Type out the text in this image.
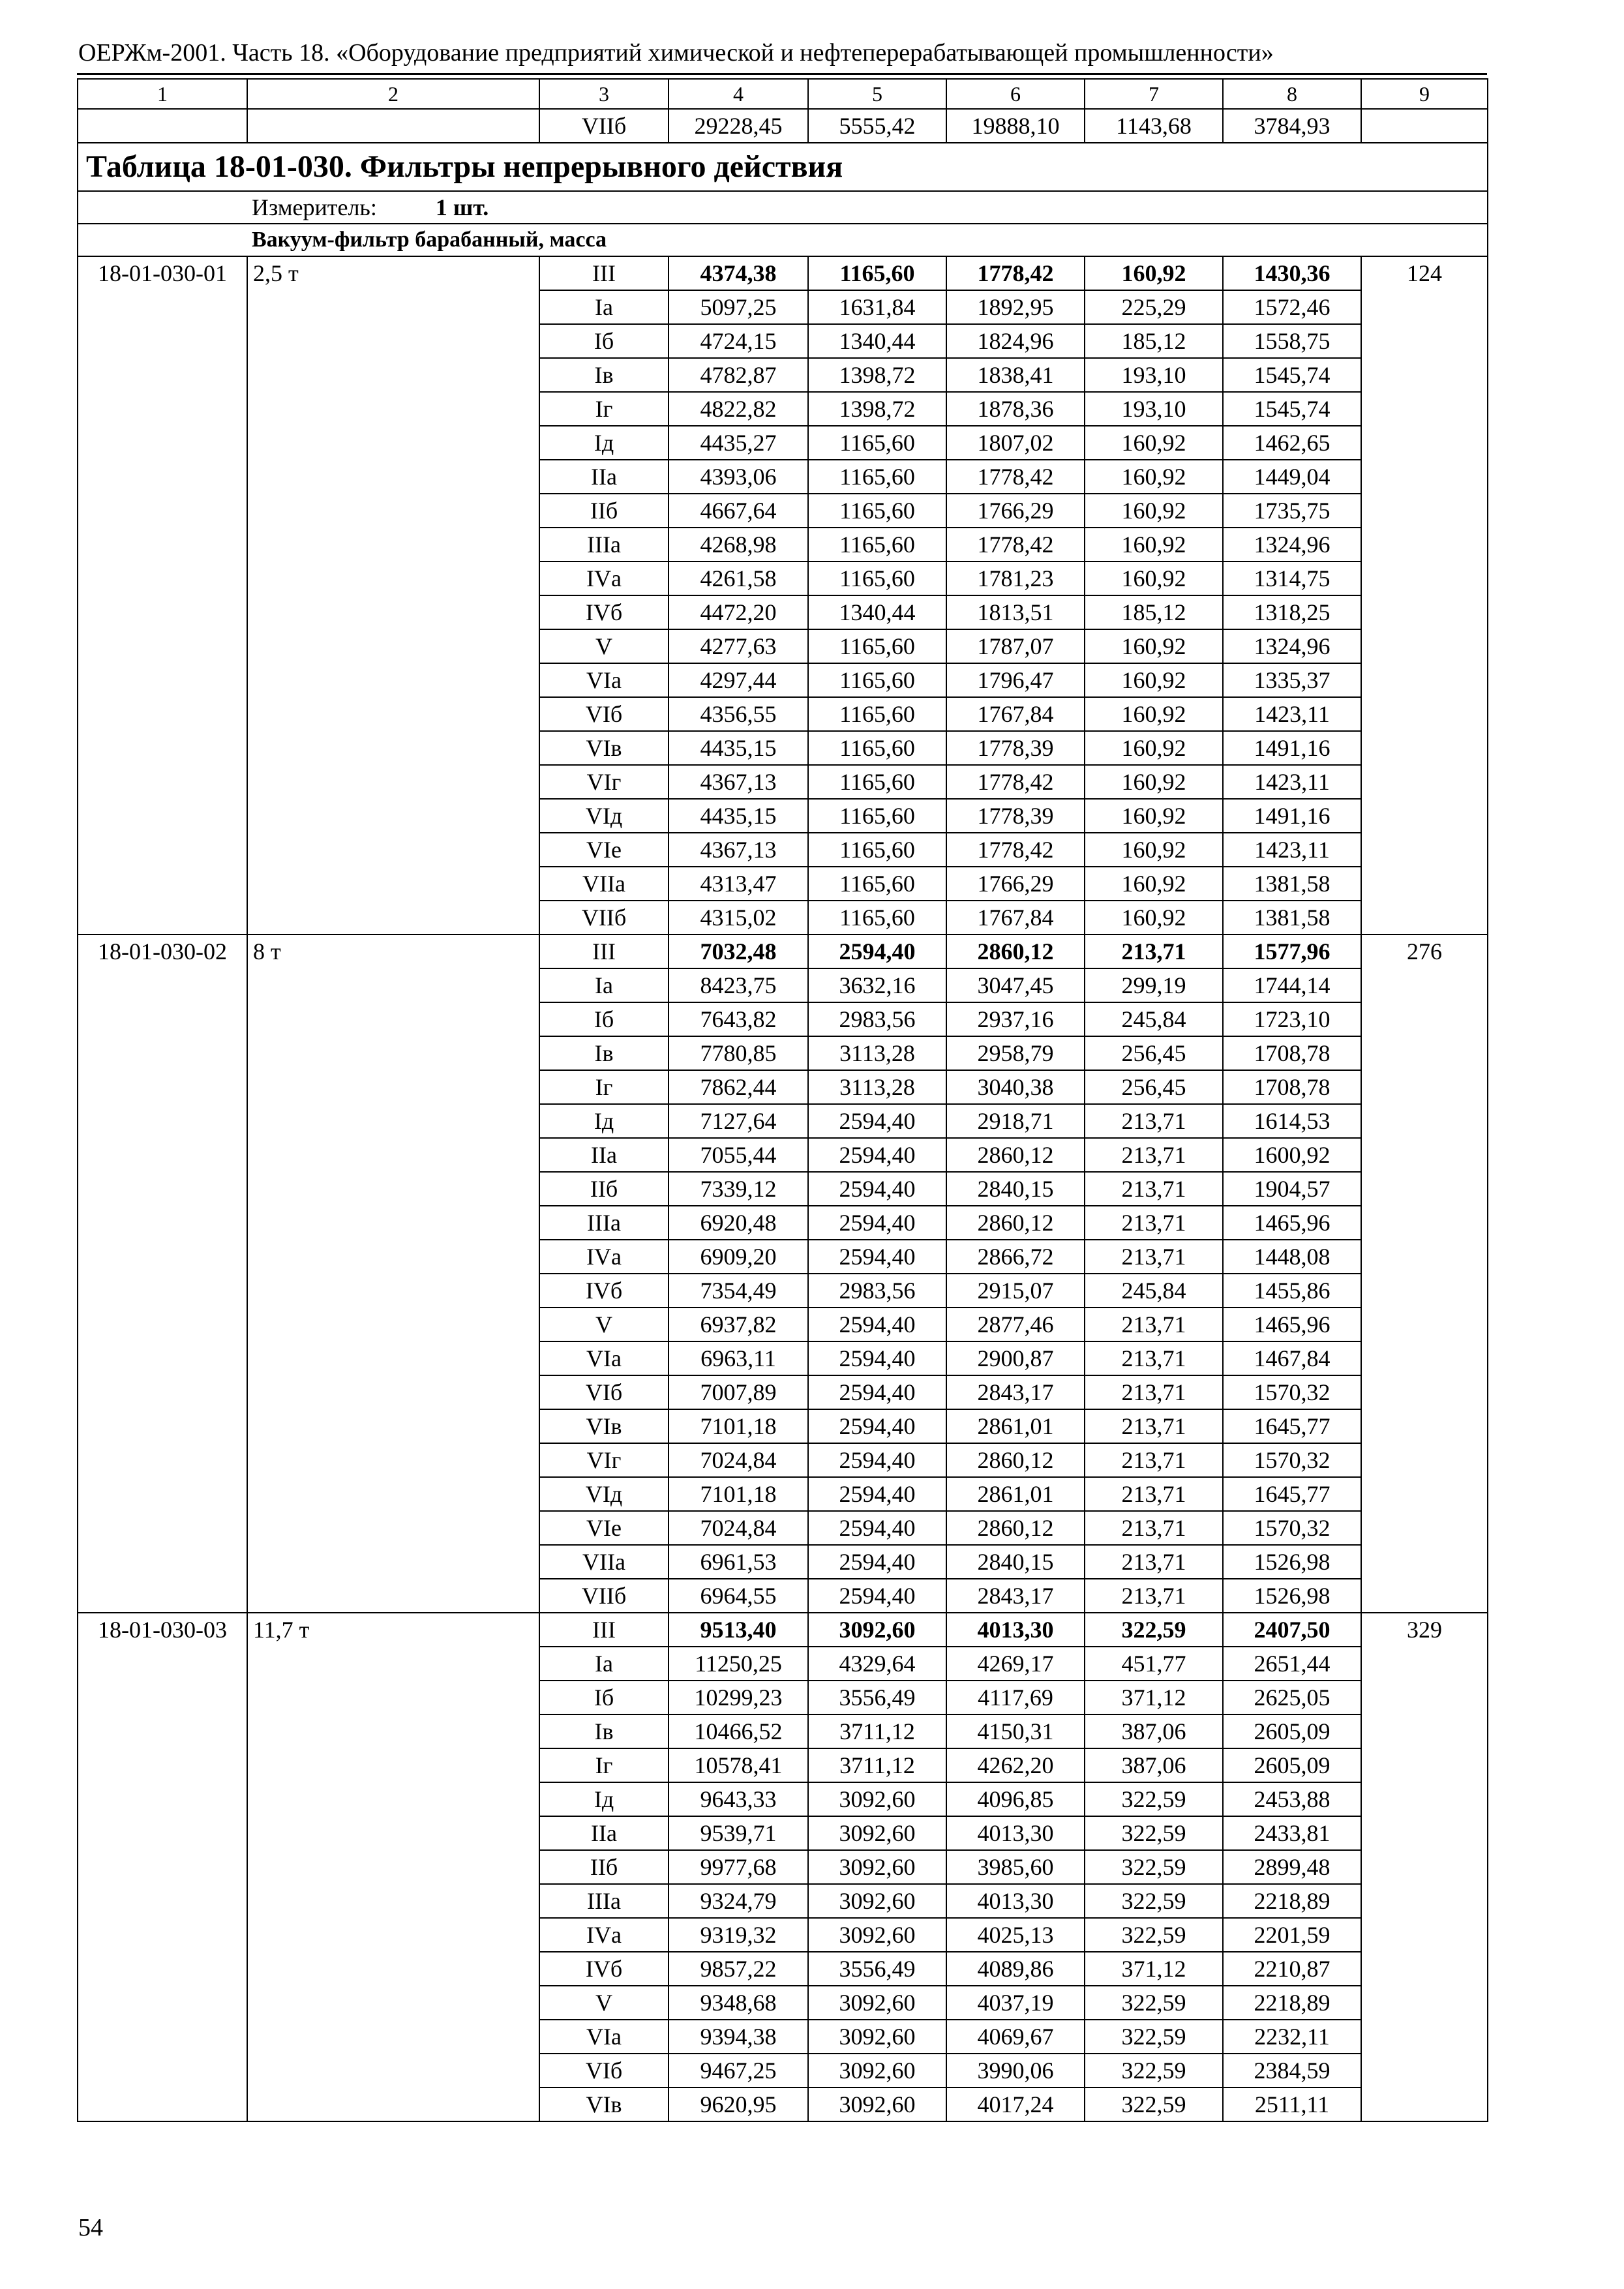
ОЕРЖм-2001. Часть 18. «Оборудование предприятий химической и нефтеперерабатывающей промышленности»
1	2	3	4	5	6	7	8	9
		VIIб	29228,45	5555,42	19888,10	1143,68	3784,93	
Таблица 18-01-030. Фильтры непрерывного действия								
Измеритель: 1 шт.								
Вакуум-фильтр барабанный, масса								
18-01-030-01	2,5 т	III	4374,38	1165,60	1778,42	160,92	1430,36	124
		Iа	5097,25	1631,84	1892,95	225,29	1572,46	
		Iб	4724,15	1340,44	1824,96	185,12	1558,75	
		Iв	4782,87	1398,72	1838,41	193,10	1545,74	
		Iг	4822,82	1398,72	1878,36	193,10	1545,74	
		Iд	4435,27	1165,60	1807,02	160,92	1462,65	
		IIа	4393,06	1165,60	1778,42	160,92	1449,04	
		IIб	4667,64	1165,60	1766,29	160,92	1735,75	
		IIIа	4268,98	1165,60	1778,42	160,92	1324,96	
		IVа	4261,58	1165,60	1781,23	160,92	1314,75	
		IVб	4472,20	1340,44	1813,51	185,12	1318,25	
		V	4277,63	1165,60	1787,07	160,92	1324,96	
		VIа	4297,44	1165,60	1796,47	160,92	1335,37	
		VIб	4356,55	1165,60	1767,84	160,92	1423,11	
		VIв	4435,15	1165,60	1778,39	160,92	1491,16	
		VIг	4367,13	1165,60	1778,42	160,92	1423,11	
		VIд	4435,15	1165,60	1778,39	160,92	1491,16	
		VIе	4367,13	1165,60	1778,42	160,92	1423,11	
		VIIа	4313,47	1165,60	1766,29	160,92	1381,58	
		VIIб	4315,02	1165,60	1767,84	160,92	1381,58	
18-01-030-02	8 т	III	7032,48	2594,40	2860,12	213,71	1577,96	276
		Iа	8423,75	3632,16	3047,45	299,19	1744,14	
		Iб	7643,82	2983,56	2937,16	245,84	1723,10	
		Iв	7780,85	3113,28	2958,79	256,45	1708,78	
		Iг	7862,44	3113,28	3040,38	256,45	1708,78	
		Iд	7127,64	2594,40	2918,71	213,71	1614,53	
		IIа	7055,44	2594,40	2860,12	213,71	1600,92	
		IIб	7339,12	2594,40	2840,15	213,71	1904,57	
		IIIа	6920,48	2594,40	2860,12	213,71	1465,96	
		IVа	6909,20	2594,40	2866,72	213,71	1448,08	
		IVб	7354,49	2983,56	2915,07	245,84	1455,86	
		V	6937,82	2594,40	2877,46	213,71	1465,96	
		VIа	6963,11	2594,40	2900,87	213,71	1467,84	
		VIб	7007,89	2594,40	2843,17	213,71	1570,32	
		VIв	7101,18	2594,40	2861,01	213,71	1645,77	
		VIг	7024,84	2594,40	2860,12	213,71	1570,32	
		VIд	7101,18	2594,40	2861,01	213,71	1645,77	
		VIе	7024,84	2594,40	2860,12	213,71	1570,32	
		VIIа	6961,53	2594,40	2840,15	213,71	1526,98	
		VIIб	6964,55	2594,40	2843,17	213,71	1526,98	
18-01-030-03	11,7 т	III	9513,40	3092,60	4013,30	322,59	2407,50	329
		Iа	11250,25	4329,64	4269,17	451,77	2651,44	
		Iб	10299,23	3556,49	4117,69	371,12	2625,05	
		Iв	10466,52	3711,12	4150,31	387,06	2605,09	
		Iг	10578,41	3711,12	4262,20	387,06	2605,09	
		Iд	9643,33	3092,60	4096,85	322,59	2453,88	
		IIа	9539,71	3092,60	4013,30	322,59	2433,81	
		IIб	9977,68	3092,60	3985,60	322,59	2899,48	
		IIIа	9324,79	3092,60	4013,30	322,59	2218,89	
		IVа	9319,32	3092,60	4025,13	322,59	2201,59	
		IVб	9857,22	3556,49	4089,86	371,12	2210,87	
		V	9348,68	3092,60	4037,19	322,59	2218,89	
		VIа	9394,38	3092,60	4069,67	322,59	2232,11	
		VIб	9467,25	3092,60	3990,06	322,59	2384,59	
		VIв	9620,95	3092,60	4017,24	322,59	2511,11	
54
